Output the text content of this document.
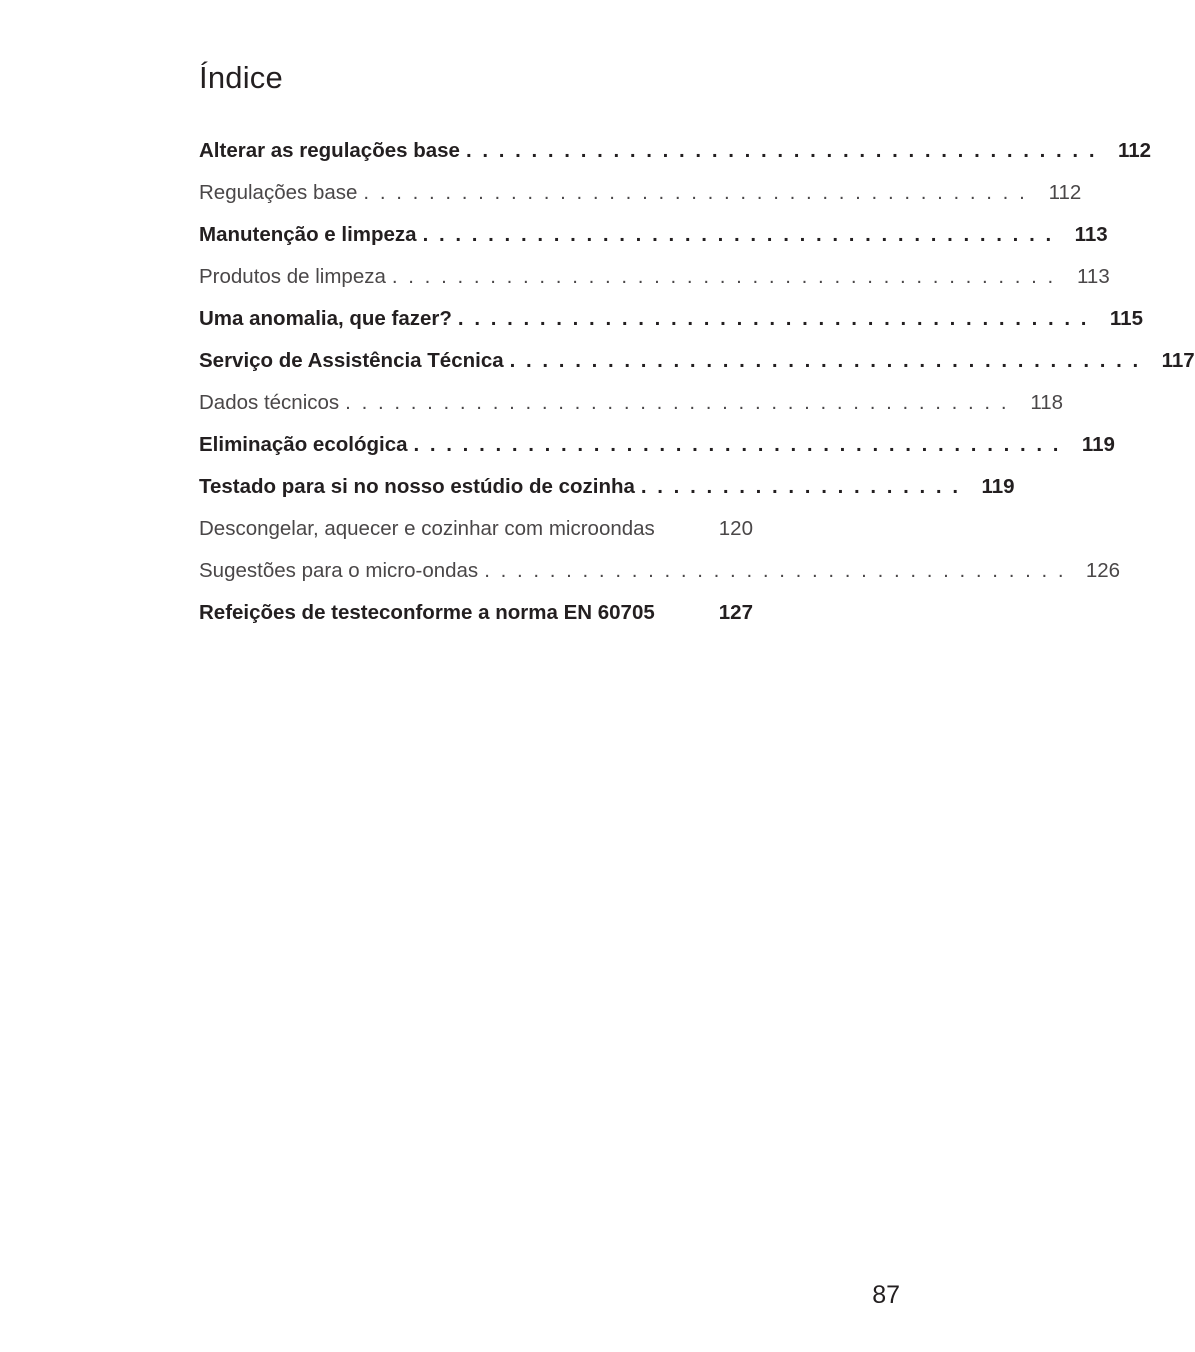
Índice
Alterar as regulações base . . . . . . . . . . . . . . . . . . . . . . . . . . . . . . . . . . . . . . .	112
Regulações base . . . . . . . . . . . . . . . . . . . . . . . . . . . . . . . . . . . . . . . . .	112
Manutenção e limpeza . . . . . . . . . . . . . . . . . . . . . . . . . . . . . . . . . . . . . . .	113
Produtos de limpeza . . . . . . . . . . . . . . . . . . . . . . . . . . . . . . . . . . . . . . . . .	113
Uma anomalia, que fazer? . . . . . . . . . . . . . . . . . . . . . . . . . . . . . . . . . . . . . . .	115
Serviço de Assistência Técnica . . . . . . . . . . . . . . . . . . . . . . . . . . . . . . . . . . . . . . .	117
Dados técnicos . . . . . . . . . . . . . . . . . . . . . . . . . . . . . . . . . . . . . . . . .	118
Eliminação ecológica . . . . . . . . . . . . . . . . . . . . . . . . . . . . . . . . . . . . . . . .	119
Testado para si no nosso estúdio de cozinha . . . . . . . . . . . . . . . . . . . .	119
Descongelar, aquecer e cozinhar com microondas	120
Sugestões para o micro-ondas . . . . . . . . . . . . . . . . . . . . . . . . . . . . . . . . . . . . 126
Refeições de testeconforme a norma EN 60705	127
87
